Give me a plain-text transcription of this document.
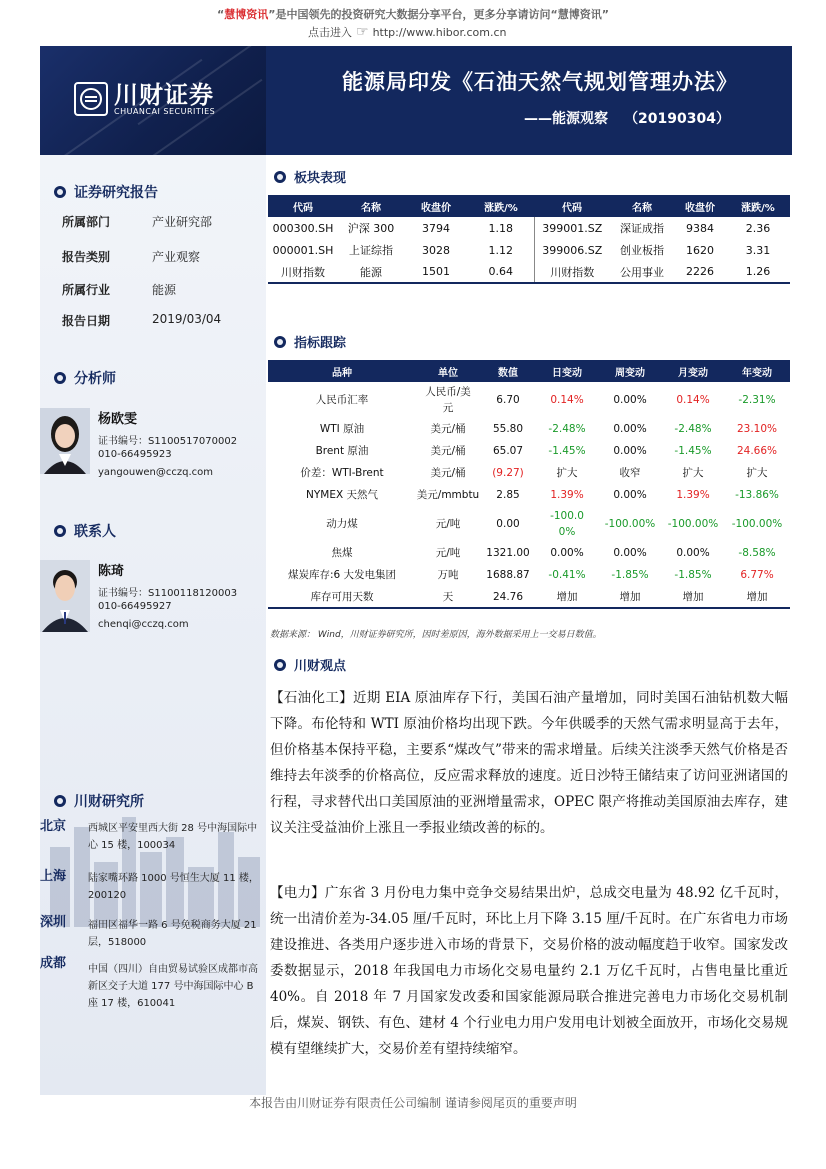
“慧博资讯”是中国领先的投资研究大数据分享平台，更多分享请访问“慧博资讯”
点击进入 ☞ http://www.hibor.com.cn
川财证券
CHUANCAI SECURITIES
能源局印发《石油天然气规划管理办法》
——能源观察 （20190304）
证券研究报告
所属部门	产业研究部
报告类别	产业观察
所属行业	能源
报告日期	2019/03/04
分析师
杨欧雯
证书编号：S1100517070002
010-66495923
yangouwen@cczq.com
联系人
陈琦
证书编号：S1100118120003
010-66495927
chenqi@cczq.com
川财研究所
北京 西城区平安里西大街 28 号中海国际中心 15 楼，100034
上海 陆家嘴环路 1000 号恒生大厦 11 楼，200120
深圳 福田区福华一路 6 号免税商务大厦 21 层，518000
成都 中国（四川）自由贸易试验区成都市高新区交子大道 177 号中海国际中心 B 座 17 楼，610041
板块表现
代码	名称	收盘价	涨跌/%	代码	名称	收盘价	涨跌/%
000300.SH	沪深 300	3794	1.18	399001.SZ	深证成指	9384	2.36
000001.SH	上证综指	3028	1.12	399006.SZ	创业板指	1620	3.31
川财指数	能源	1501	0.64	川财指数	公用事业	2226	1.26
指标跟踪
品种	单位	数值	日变动	周变动	月变动	年变动
人民币汇率	人民币/美
元	6.70	0.14%	0.00%	0.14%	-2.31%
WTI 原油	美元/桶	55.80	-2.48%	0.00%	-2.48%	23.10%
Brent 原油	美元/桶	65.07	-1.45%	0.00%	-1.45%	24.66%
价差：WTI-Brent	美元/桶	(9.27)	扩大	收窄	扩大	扩大
NYMEX 天然气	美元/mmbtu	2.85	1.39%	0.00%	1.39%	-13.86%
动力煤	元/吨	0.00	-100.0
0%	-100.00%	-100.00%	-100.00%
焦煤	元/吨	1321.00	0.00%	0.00%	0.00%	-8.58%
煤炭库存:6 大发电集团	万吨	1688.87	-0.41%	-1.85%	-1.85%	6.77%
库存可用天数	天	24.76	增加	增加	增加	增加
数据来源： Wind，川财证券研究所，因时差原因，海外数据采用上一交易日数值。
川财观点
【石油化工】近期 EIA 原油库存下行，美国石油产量增加，同时美国石油钻机数大幅下降。布伦特和 WTI 原油价格均出现下跌。今年供暖季的天然气需求明显高于去年，但价格基本保持平稳，主要系“煤改气”带来的需求增量。后续关注淡季天然气价格是否维持去年淡季的价格高位，反应需求释放的速度。近日沙特王储结束了访问亚洲诸国的行程，寻求替代出口美国原油的亚洲增量需求，OPEC 限产将推动美国原油去库存，建议关注受益油价上涨且一季报业绩改善的标的。
【电力】广东省 3 月份电力集中竞争交易结果出炉，总成交电量为 48.92 亿千瓦时，统一出清价差为-34.05 厘/千瓦时，环比上月下降 3.15 厘/千瓦时。在广东省电力市场建设推进、各类用户逐步进入市场的背景下，交易价格的波动幅度趋于收窄。国家发改委数据显示，2018 年我国电力市场化交易电量约 2.1 万亿千瓦时，占售电量比重近 40%。自 2018 年 7 月国家发改委和国家能源局联合推进完善电力市场化交易机制后，煤炭、钢铁、有色、建材 4 个行业电力用户发用电计划被全面放开，市场化交易规模有望继续扩大，交易价差有望持续缩窄。
本报告由川财证券有限责任公司编制 谨请参阅尾页的重要声明
